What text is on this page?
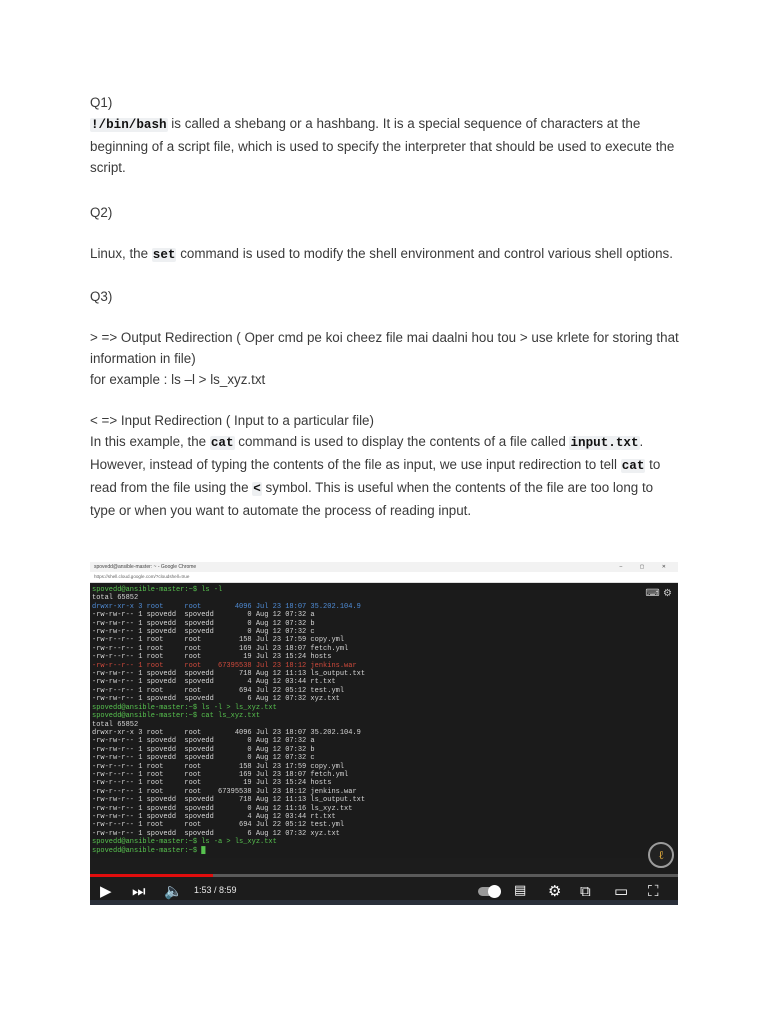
Q1)

!/bin/bash is called a shebang or a hashbang. It is a special sequence of characters at the beginning of a script file, which is used to specify the interpreter that should be used to execute the script.

Q2)

Linux, the set command is used to modify the shell environment and control various shell options.

Q3)

> => Output Redirection ( Oper cmd pe koi cheez file mai daalni hou tou > use krlete for storing that information in file)

for example : ls –l > ls_xyz.txt

< => Input Redirection ( Input to a particular file)

In this example, the cat command is used to display the contents of a file called input.txt. However, instead of typing the contents of the file as input, we use input redirection to tell cat to read from the file using the < symbol. This is useful when the contents of the file are too long to type or when you want to automate the process of reading input.

spovedd@ansible-master: ~ - Google Chrome	– ▢ ✕
https://shell.cloud.google.com/?cloudshell=true
spovedd@ansible-master:~$ ls -l
total 65852
drwxr-xr-x 3 root     root        4096 Jul 23 18:07 35.202.104.9
-rw-rw-r-- 1 spovedd  spovedd        0 Aug 12 07:32 a
-rw-rw-r-- 1 spovedd  spovedd        0 Aug 12 07:32 b
-rw-rw-r-- 1 spovedd  spovedd        0 Aug 12 07:32 c
-rw-r--r-- 1 root     root         158 Jul 23 17:59 copy.yml
-rw-r--r-- 1 root     root         169 Jul 23 18:07 fetch.yml
-rw-r--r-- 1 root     root          19 Jul 23 15:24 hosts
-rw-r--r-- 1 root     root    67395538 Jul 23 18:12 jenkins.war
-rw-rw-r-- 1 spovedd  spovedd      718 Aug 12 11:13 ls_output.txt
-rw-rw-r-- 1 spovedd  spovedd        4 Aug 12 03:44 rt.txt
-rw-r--r-- 1 root     root         694 Jul 22 05:12 test.yml
-rw-rw-r-- 1 spovedd  spovedd        6 Aug 12 07:32 xyz.txt
spovedd@ansible-master:~$ ls -l > ls_xyz.txt
spovedd@ansible-master:~$ cat ls_xyz.txt
total 65852
drwxr-xr-x 3 root     root        4096 Jul 23 18:07 35.202.104.9
-rw-rw-r-- 1 spovedd  spovedd        0 Aug 12 07:32 a
-rw-rw-r-- 1 spovedd  spovedd        0 Aug 12 07:32 b
-rw-rw-r-- 1 spovedd  spovedd        0 Aug 12 07:32 c
-rw-r--r-- 1 root     root         158 Jul 23 17:59 copy.yml
-rw-r--r-- 1 root     root         169 Jul 23 18:07 fetch.yml
-rw-r--r-- 1 root     root          19 Jul 23 15:24 hosts
-rw-r--r-- 1 root     root    67395538 Jul 23 18:12 jenkins.war
-rw-rw-r-- 1 spovedd  spovedd      718 Aug 12 11:13 ls_output.txt
-rw-rw-r-- 1 spovedd  spovedd        0 Aug 12 11:16 ls_xyz.txt
-rw-rw-r-- 1 spovedd  spovedd        4 Aug 12 03:44 rt.txt
-rw-r--r-- 1 root     root         694 Jul 22 05:12 test.yml
-rw-rw-r-- 1 spovedd  spovedd        6 Aug 12 07:32 xyz.txt
spovedd@ansible-master:~$ ls -a > ls_xyz.txt
spovedd@ansible-master:~$ █
⌨ ⚙
ℓ
▶ ⏭ 🔈 1:53 / 8:59	▤ ⚙ ⧉ ▭ ⛶
